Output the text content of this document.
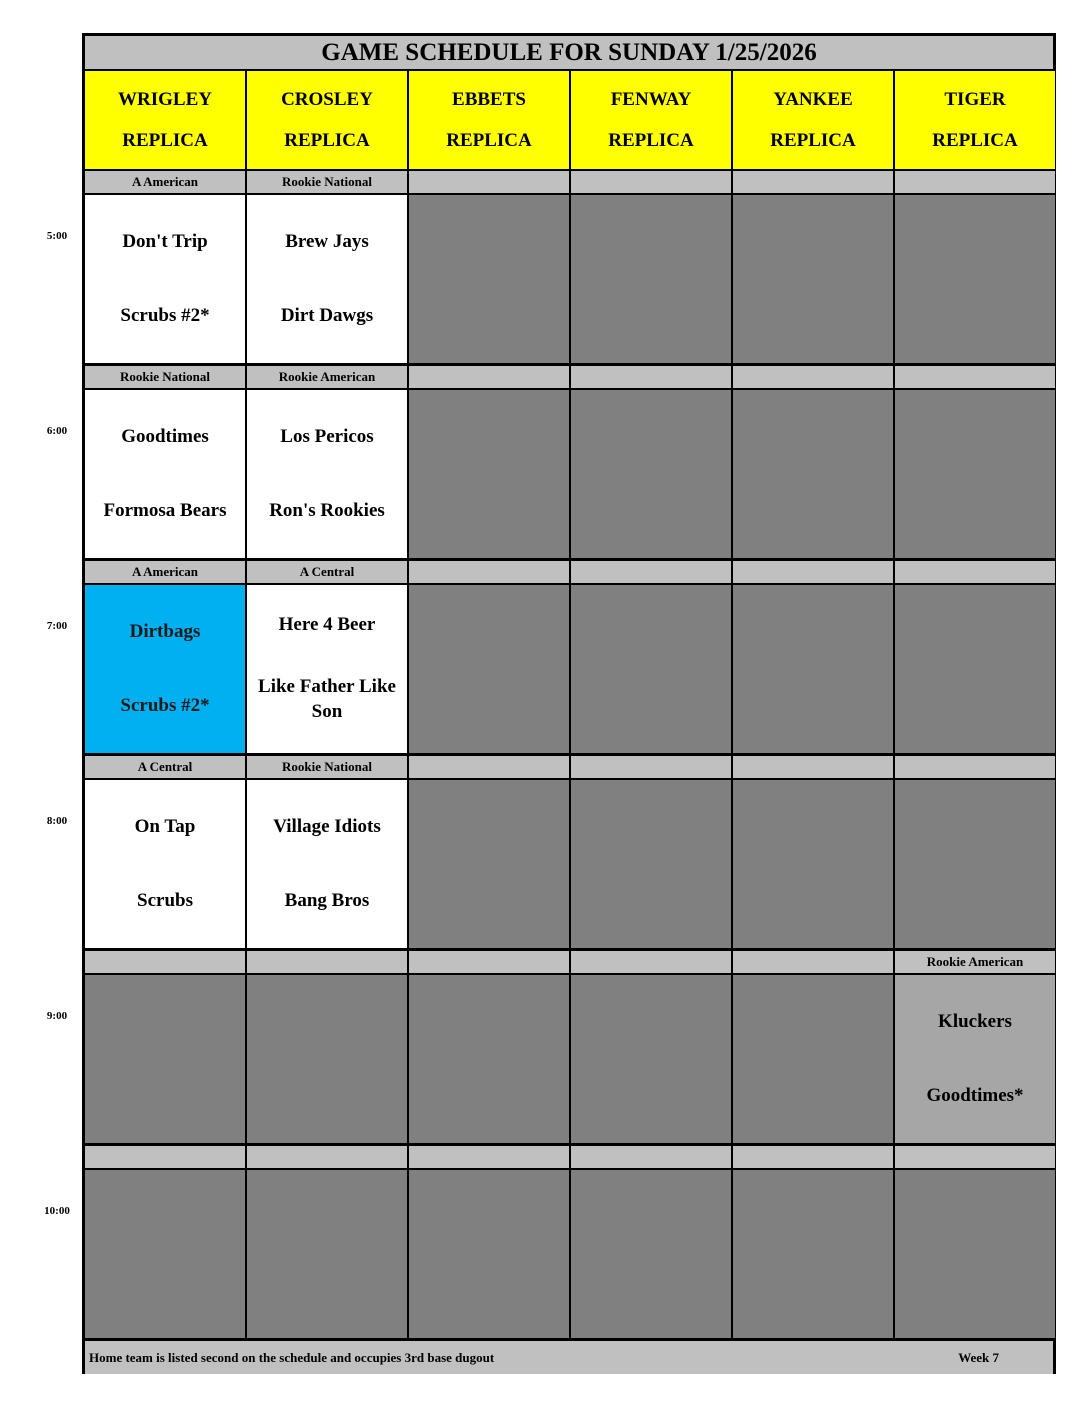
GAME SCHEDULE FOR SUNDAY 1/25/2026
WRIGLEY
REPLICA
CROSLEY
REPLICA
EBBETS
REPLICA
FENWAY
REPLICA
YANKEE
REPLICA
TIGER
REPLICA
A American
Don't Trip
Scrubs #2*
Rookie National
Brew Jays
Dirt Dawgs
Rookie National
Goodtimes
Formosa Bears
Rookie American
Los Pericos
Ron's Rookies
A American
Dirtbags
Scrubs #2*
A Central
Here 4 Beer
Like Father Like Son
A Central
On Tap
Scrubs
Rookie National
Village Idiots
Bang Bros
Rookie American
Kluckers
Goodtimes*
Home team is listed second on the schedule and occupies 3rd base dugout	Week 7
5:00
6:00
7:00
8:00
9:00
10:00
